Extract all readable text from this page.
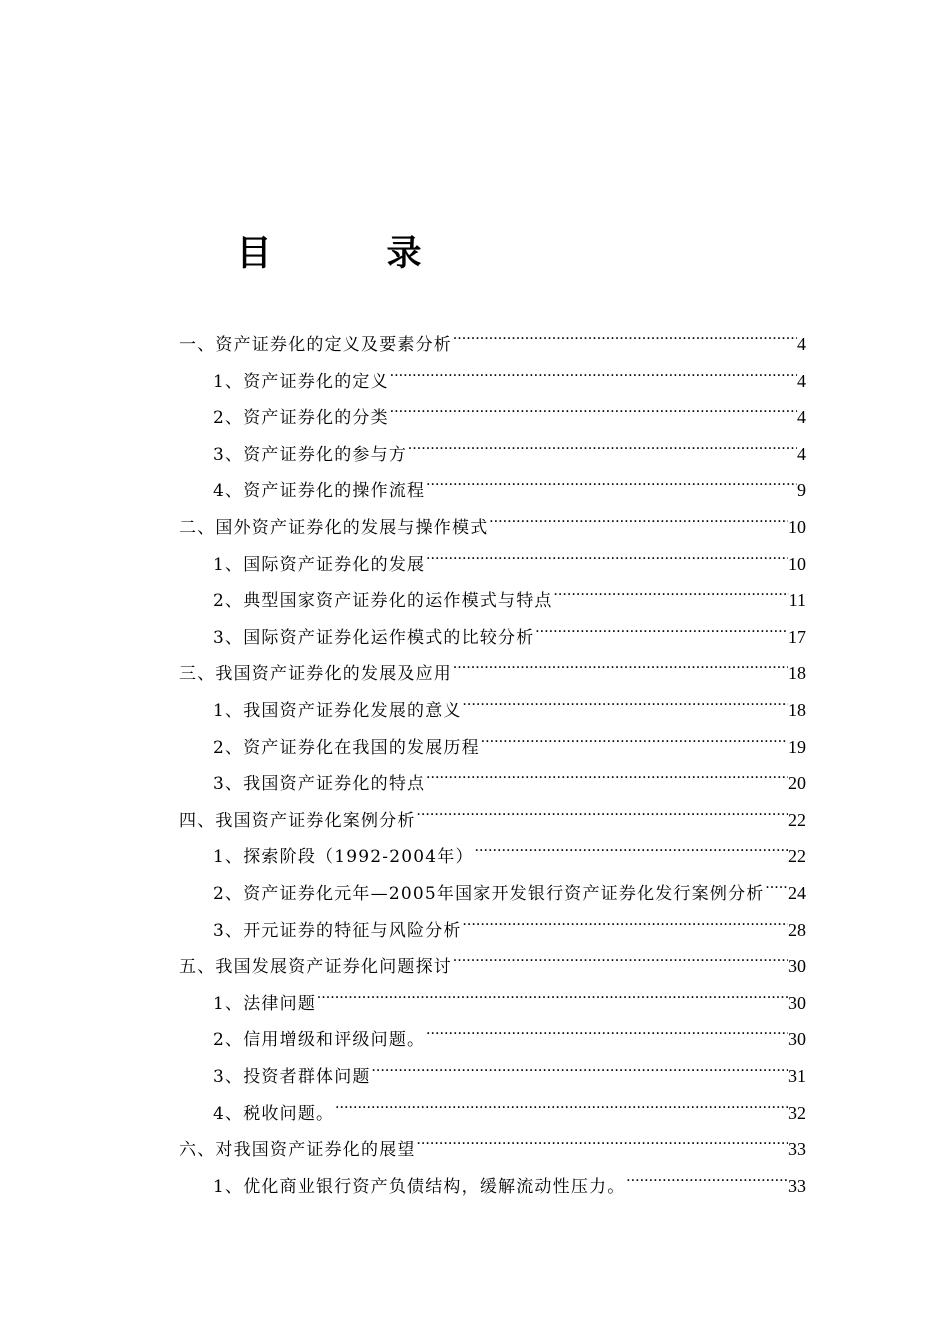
目　录
一、资产证券化的定义及要素分析 .....	4
1、资产证券化的定义 .....	4
2、资产证券化的分类 .....	4
3、资产证券化的参与方 .....	4
4、资产证券化的操作流程 .....	9
二、国外资产证券化的发展与操作模式 .....	10
1、国际资产证券化的发展 .....	10
2、典型国家资产证券化的运作模式与特点 .....	11
3、国际资产证券化运作模式的比较分析 .....	17
三、我国资产证券化的发展及应用 .....	18
1、我国资产证券化发展的意义 .....	18
2、资产证券化在我国的发展历程 .....	19
3、我国资产证券化的特点 .....	20
四、我国资产证券化案例分析 .....	22
1、探索阶段（1992-2004年） .....	22
2、资产证券化元年—2005年国家开发银行资产证券化发行案例分析 ..... 24
3、开元证券的特征与风险分析 .....	28
五、我国发展资产证券化问题探讨 .....	30
1、法律问题 .....	30
2、信用增级和评级问题。 .....	30
3、投资者群体问题 .....	31
4、税收问题。 .....	32
六、对我国资产证券化的展望 .....	33
1、优化商业银行资产负债结构，缓解流动性压力。 .....	33
